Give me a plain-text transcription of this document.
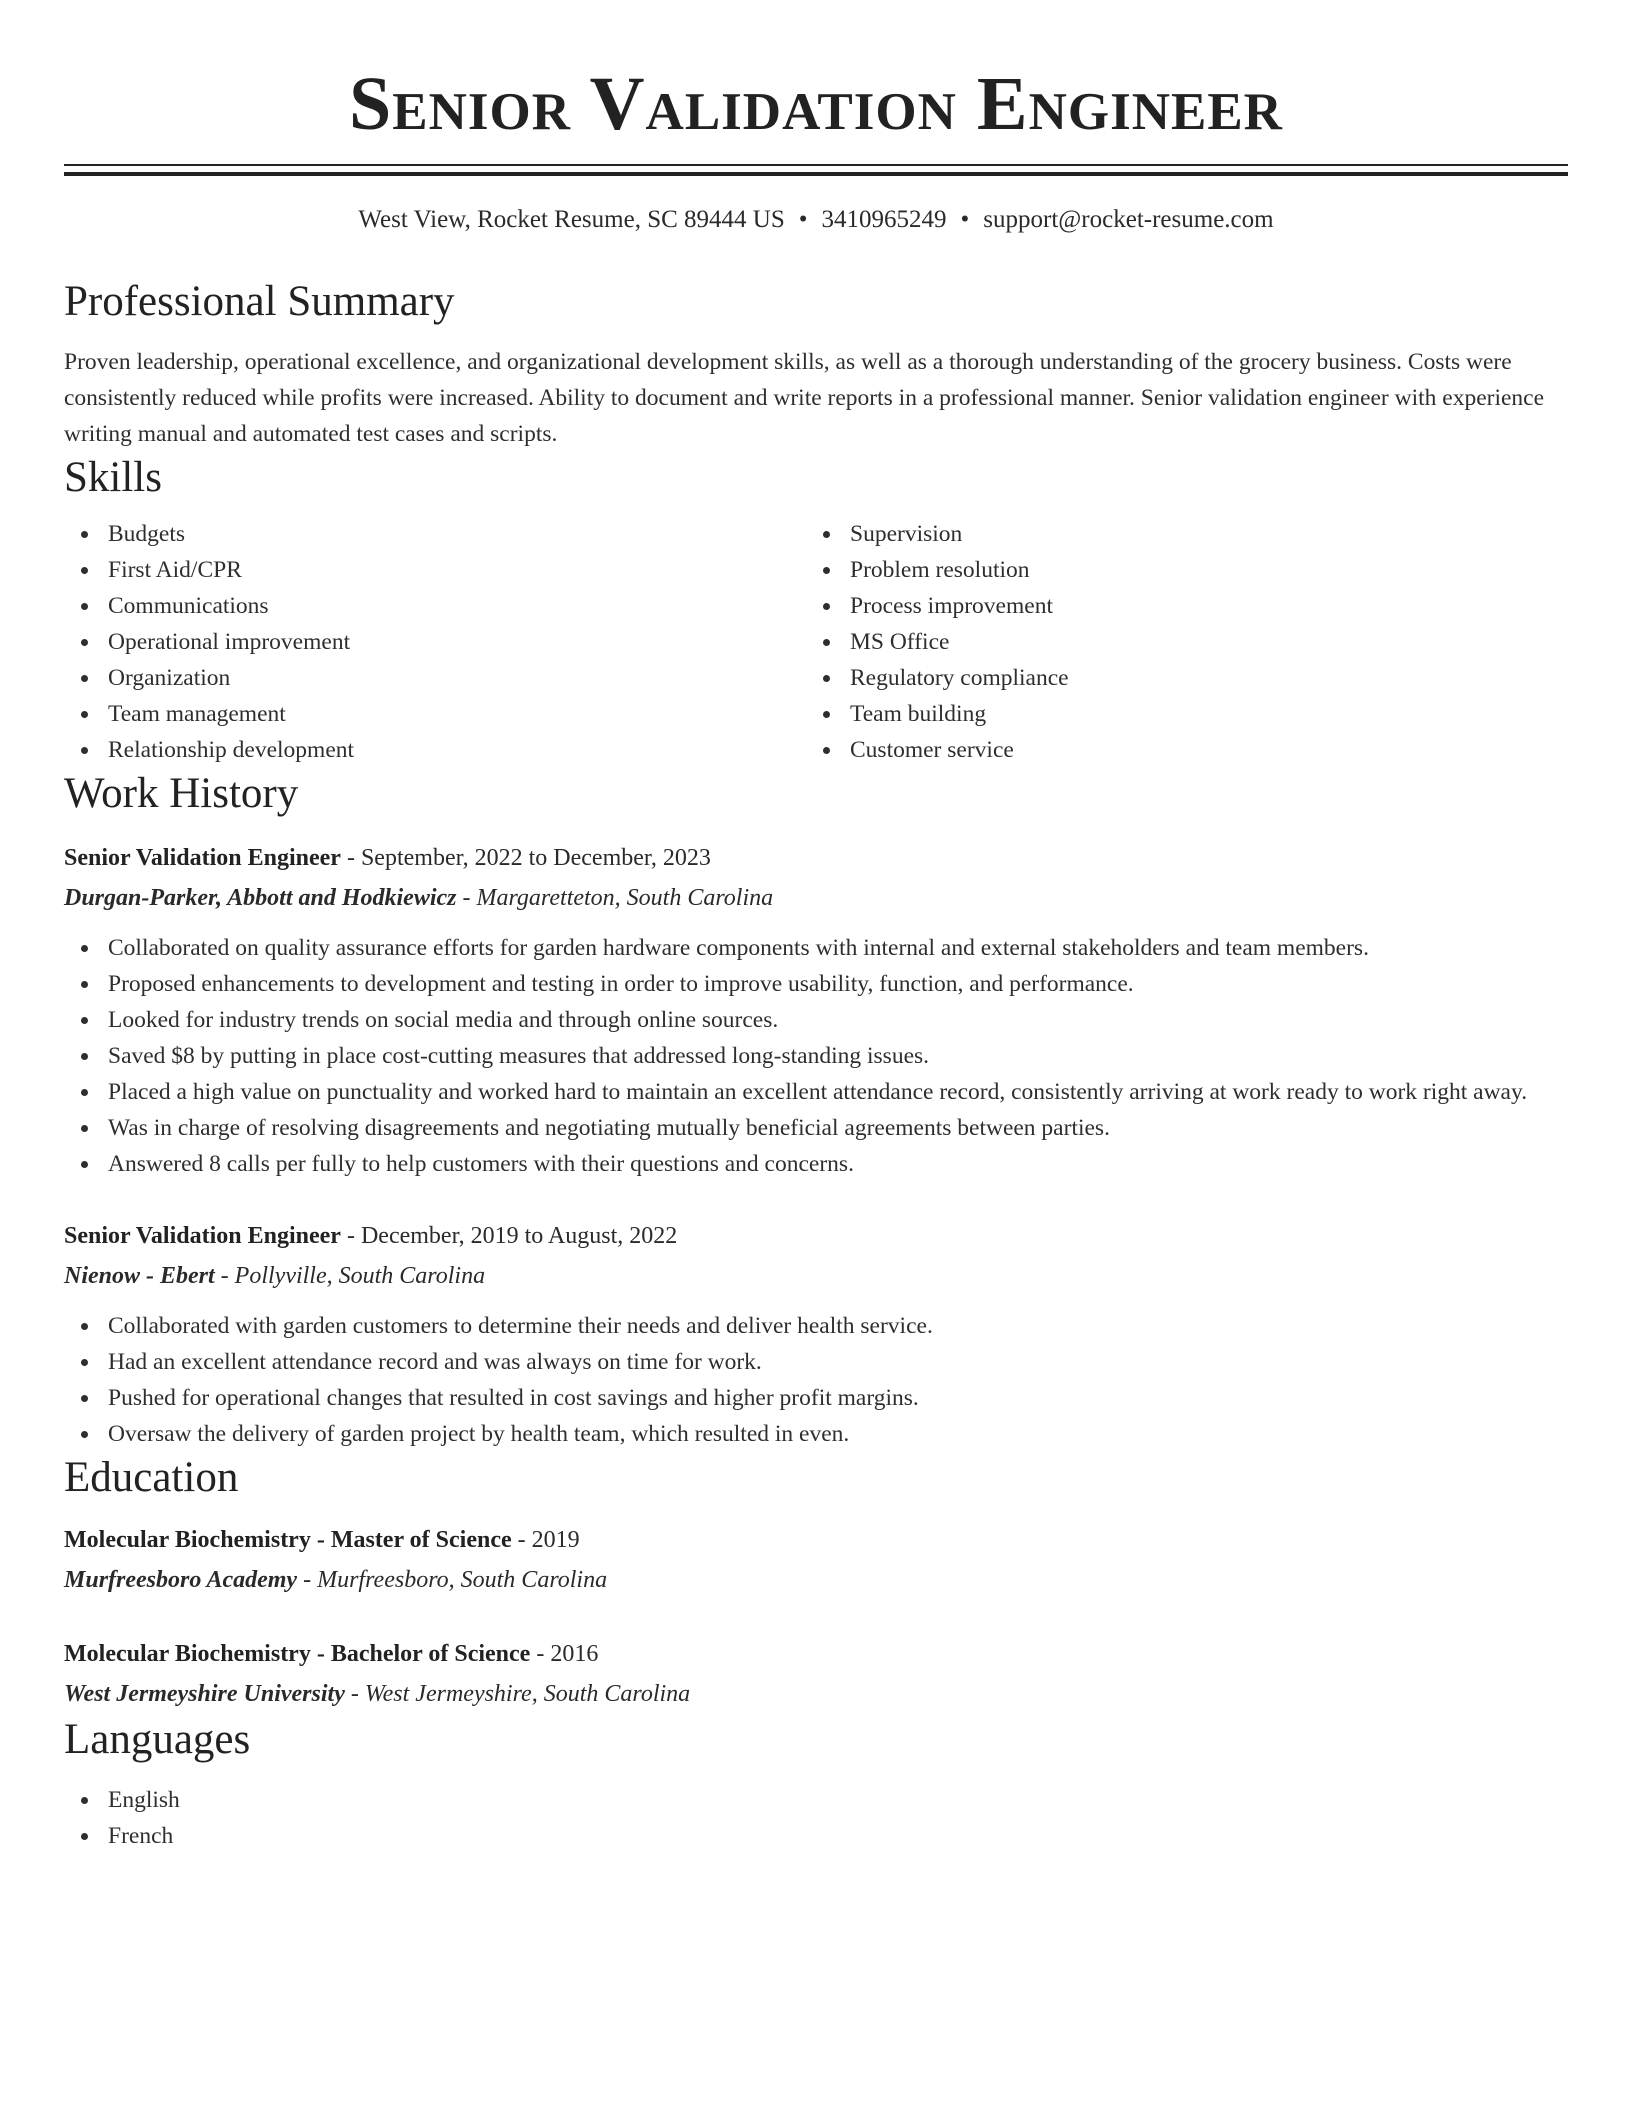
Senior Validation Engineer
West View, Rocket Resume, SC 89444 US • 3410965249 • support@rocket-resume.com
Professional Summary

Proven leadership, operational excellence, and organizational development skills, as well as a thorough understanding of the grocery business. Costs were consistently reduced while profits were increased. Ability to document and write reports in a professional manner. Senior validation engineer with experience writing manual and automated test cases and scripts.

Skills
Budgets
First Aid/CPR
Communications
Operational improvement
Organization
Team management
Relationship development
Supervision
Problem resolution
Process improvement
MS Office
Regulatory compliance
Team building
Customer service
Work History
Senior Validation Engineer - September, 2022 to December, 2023
Durgan-Parker, Abbott and Hodkiewicz - Margaretteton, South Carolina
Collaborated on quality assurance efforts for garden hardware components with internal and external stakeholders and team members.
Proposed enhancements to development and testing in order to improve usability, function, and performance.
Looked for industry trends on social media and through online sources.
Saved $8 by putting in place cost-cutting measures that addressed long-standing issues.
Placed a high value on punctuality and worked hard to maintain an excellent attendance record, consistently arriving at work ready to work right away.
Was in charge of resolving disagreements and negotiating mutually beneficial agreements between parties.
Answered 8 calls per fully to help customers with their questions and concerns.
Senior Validation Engineer - December, 2019 to August, 2022
Nienow - Ebert - Pollyville, South Carolina
Collaborated with garden customers to determine their needs and deliver health service.
Had an excellent attendance record and was always on time for work.
Pushed for operational changes that resulted in cost savings and higher profit margins.
Oversaw the delivery of garden project by health team, which resulted in even.
Education
Molecular Biochemistry - Master of Science - 2019
Murfreesboro Academy - Murfreesboro, South Carolina
Molecular Biochemistry - Bachelor of Science - 2016
West Jermeyshire University - West Jermeyshire, South Carolina
Languages
English
French
